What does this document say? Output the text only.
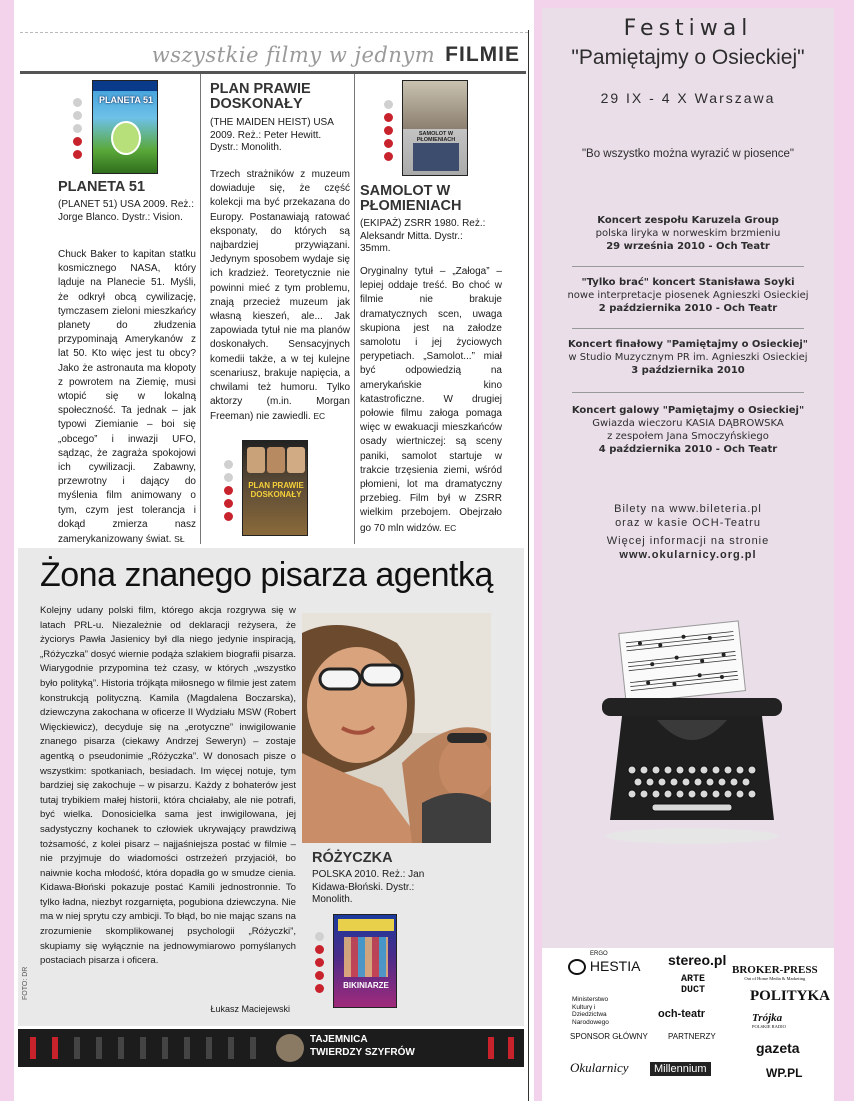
wszystkie filmy w jednym FILMIE
PLANETA 51
PLANETA 51
(PLANET 51) USA 2009. Reż.: Jorge Blanco. Dystr.: Vision.
Chuck Baker to kapitan statku kosmicznego NASA, który ląduje na Planecie 51. Myśli, że odkrył obcą cywilizację, tymczasem zieloni mieszkańcy planety do złudzenia przypominają Amerykanów z lat 50. Kto więc jest tu obcy? Jako że astronauta ma kłopoty z powrotem na Ziemię, musi wtopić się w lokalną społeczność. Ta jednak – jak typowi Ziemianie – boi się „obcego” i inwazji UFO, sądząc, że zagraża spokojowi ich cywilizacji. Zabawny, przewrotny i dający do myślenia film animowany o tym, czym jest tolerancja i dokąd zmierza nasz zamerykanizowany świat. SŁ
PLAN PRAWIE DOSKONAŁY
(THE MAIDEN HEIST) USA 2009. Reż.: Peter Hewitt. Dystr.: Monolith.
Trzech strażników z muzeum dowiaduje się, że część kolekcji ma być przekazana do Europy. Postanawiają ratować eksponaty, do których są najbardziej przywiązani. Jedynym sposobem wydaje się ich kradzież. Teoretycznie nie powinni mieć z tym problemu, znają przecież muzeum jak własną kieszeń, ale... Jak zapowiada tytuł nie ma planów doskonałych. Sensacyjnych komedii także, a w tej kulejne scenariusz, brakuje napięcia, a chwilami też humoru. Tylko aktorzy (m.in. Morgan Freeman) nie zawiedli. EC
PLAN PRAWIE DOSKONAŁY
SAMOLOT W PŁOMIENIACH
SAMOLOT W PŁOMIENIACH
(EKIPAŻ) ZSRR 1980. Reż.: Aleksandr Mitta. Dystr.: 35mm.
Oryginalny tytuł – „Załoga” – lepiej oddaje treść. Bo choć w filmie nie brakuje dramatycznych scen, uwaga skupiona jest na załodze samolotu i jej życiowych perypetiach. „Samolot...” miał być odpowiedzią na amerykańskie kino katastroficzne. W drugiej połowie filmu załoga pomaga więc w ewakuacji mieszkańców osady wiertniczej: są sceny paniki, samolot startuje w trakcie trzęsienia ziemi, wśród płomieni, lot ma dramatyczny przebieg. Film był w ZSRR wielkim przebojem. Obejrzało go 70 mln widzów. EC
Żona znanego pisarza agentką
Kolejny udany polski film, którego akcja rozgrywa się w latach PRL-u. Niezależnie od deklaracji reżysera, że życiorys Pawła Jasienicy był dla niego jedynie inspiracją, „Różyczka” dosyć wiernie podąża szlakiem biografii pisarza. Wiarygodnie przypomina też czasy, w których „wszystko było polityką”. Historia trójkąta miłosnego w filmie jest zatem konstrukcją polityczną. Kamila (Magdalena Boczarska), dziewczyna zakochana w oficerze II Wydziału MSW (Robert Więckiewicz), decyduje się na „erotyczne” inwigilowanie znanego pisarza (ciekawy Andrzej Seweryn) – zostaje agentką o pseudonimie „Różyczka”. W donosach pisze o wszystkim: spotkaniach, besiadach. Im więcej notuje, tym bardziej się zakochuje – w pisarzu. Każdy z bohaterów jest tutaj trybikiem małej historii, która chciałaby, ale nie potrafi, być wielka. Donosicielka sama jest inwigilowana, jej sadystyczny kochanek to człowiek ukrywający prawdziwą tożsamość, z kolei pisarz – najjaśniejsza postać w filmie – nie przyjmuje do wiadomości ostrzeżeń przyjaciół, bo naiwnie kocha młodość, która dopadła go w smudze cienia. Kidawa-Błoński pokazuje postać Kamili jednostronnie. To tylko ładna, niezbyt rozgarnięta, pogubiona dziewczyna. Nie ma w niej sprytu czy ambicji. To błąd, bo nie mając szans na zrozumienie skomplikowanej psychologii „Różyczki”, skupiamy się wyłącznie na jednowymiarowo pomyślanych postaciach pisarza i oficera.
Łukasz Maciejewski
FOTO: DR
RÓŻYCZKA
POLSKA 2010. Reż.: Jan Kidawa-Błoński. Dystr.: Monolith.
BIKINIARZE
TAJEMNICA
TWIERDZY SZYFRÓW
Festiwal
"Pamiętajmy o Osieckiej"
29 IX - 4 X Warszawa
"Bo wszystko można wyrazić w piosence"
Koncert zespołu Karuzela Group
polska liryka w norweskim brzmieniu
29 września 2010 - Och Teatr
"Tylko brać" koncert Stanisława Soyki
nowe interpretacje piosenek Agnieszki Osieckiej
2 października 2010 - Och Teatr
Koncert finałowy "Pamiętajmy o Osieckiej"
w Studio Muzycznym PR im. Agnieszki Osieckiej
3 października 2010
Koncert galowy "Pamiętajmy o Osieckiej"
Gwiazda wieczoru KASIA DĄBROWSKA
z zespołem Jana Smoczyńskiego
4 października 2010 - Och Teatr
Bilety na www.bileteria.pl
oraz w kasie OCH-Teatru
Więcej informacji na stronie
www.okularnicy.org.pl
ERGO
HESTIA stereo.pl
ARTE DUCT
BROKER-PRESS
Out of Home Media & Marketing
Ministerstwo Kultury i Dziedzictwa Narodowego
och-teatr
POLITYKA
Trójka
POLSKIE RADIO
SPONSOR GŁÓWNY	PARTNERZY
gazeta
Okularnicy	Millennium	WP.PL
